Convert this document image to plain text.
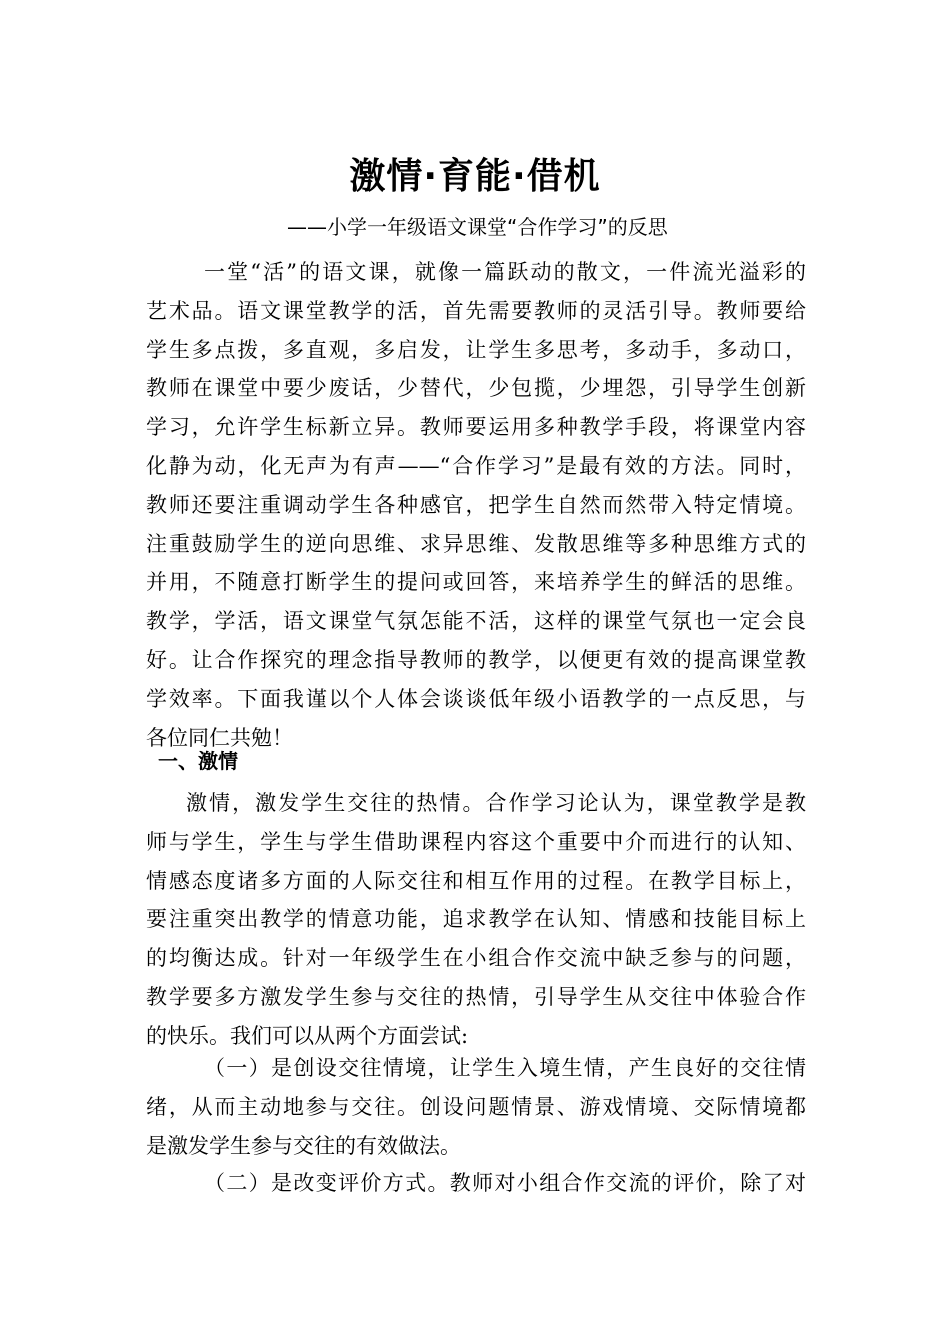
激情·育能·借机
——小学一年级语文课堂“合作学习”的反思
一堂“活”的语文课，就像一篇跃动的散文，一件流光溢彩的
艺术品。语文课堂教学的活，首先需要教师的灵活引导。教师要给
学生多点拨，多直观，多启发，让学生多思考，多动手，多动口，
教师在课堂中要少废话，少替代，少包揽，少埋怨，引导学生创新
学习，允许学生标新立异。教师要运用多种教学手段，将课堂内容
化静为动，化无声为有声——“合作学习”是最有效的方法。同时，
教师还要注重调动学生各种感官，把学生自然而然带入特定情境。
注重鼓励学生的逆向思维、求异思维、发散思维等多种思维方式的
并用，不随意打断学生的提问或回答，来培养学生的鲜活的思维。
教学，学活，语文课堂气氛怎能不活，这样的课堂气氛也一定会良
好。让合作探究的理念指导教师的教学，以便更有效的提高课堂教
学效率。下面我谨以个人体会谈谈低年级小语教学的一点反思，与
各位同仁共勉！
一、激情
激情，激发学生交往的热情。合作学习论认为，课堂教学是教
师与学生，学生与学生借助课程内容这个重要中介而进行的认知、
情感态度诸多方面的人际交往和相互作用的过程。在教学目标上，
要注重突出教学的情意功能，追求教学在认知、情感和技能目标上
的均衡达成。针对一年级学生在小组合作交流中缺乏参与的问题，
教学要多方激发学生参与交往的热情，引导学生从交往中体验合作
的快乐。我们可以从两个方面尝试:
（一）是创设交往情境，让学生入境生情，产生良好的交往情
绪，从而主动地参与交往。创设问题情景、游戏情境、交际情境都
是激发学生参与交往的有效做法。
（二）是改变评价方式。教师对小组合作交流的评价，除了对
